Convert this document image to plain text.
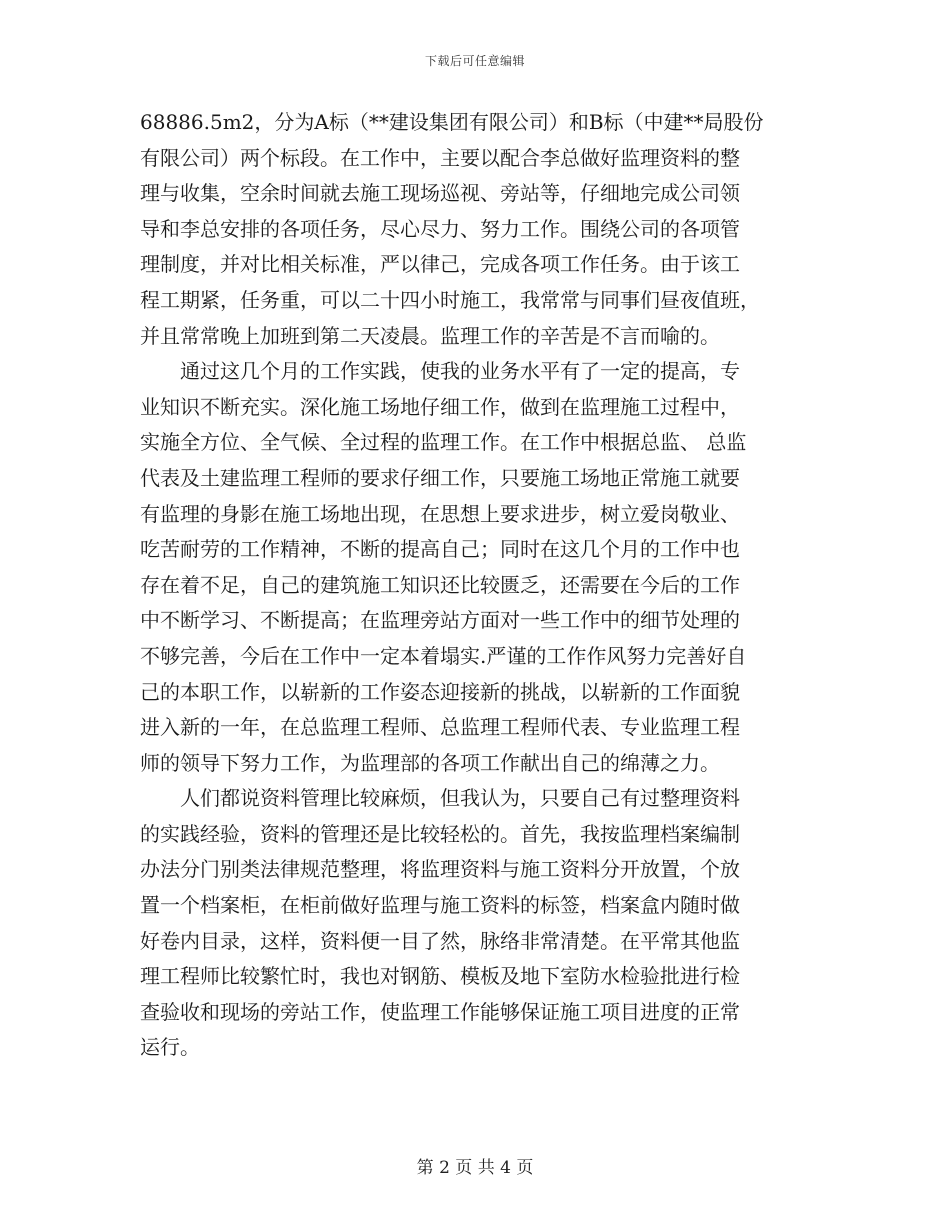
下载后可任意编辑
68886.5m2，分为A标（**建设集团有限公司）和B标（中建**局股份
有限公司）两个标段。在工作中，主要以配合李总做好监理资料的整
理与收集，空余时间就去施工现场巡视、旁站等，仔细地完成公司领
导和李总安排的各项任务，尽心尽力、努力工作。围绕公司的各项管
理制度，并对比相关标准，严以律己，完成各项工作任务。由于该工
程工期紧，任务重，可以二十四小时施工，我常常与同事们昼夜值班，
并且常常晚上加班到第二天凌晨。监理工作的辛苦是不言而喻的。
　　通过这几个月的工作实践，使我的业务水平有了一定的提高，专
业知识不断充实。深化施工场地仔细工作，做到在监理施工过程中，
实施全方位、全气候、全过程的监理工作。在工作中根据总监、 总监
代表及土建监理工程师的要求仔细工作，只要施工场地正常施工就要
有监理的身影在施工场地出现，在思想上要求进步，树立爱岗敬业、
吃苦耐劳的工作精神，不断的提高自己；同时在这几个月的工作中也
存在着不足，自己的建筑施工知识还比较匮乏，还需要在今后的工作
中不断学习、不断提高；在监理旁站方面对一些工作中的细节处理的
不够完善，今后在工作中一定本着塌实.严谨的工作作风努力完善好自
己的本职工作，以崭新的工作姿态迎接新的挑战，以崭新的工作面貌
进入新的一年，在总监理工程师、总监理工程师代表、专业监理工程
师的领导下努力工作，为监理部的各项工作献出自己的绵薄之力。
　　人们都说资料管理比较麻烦，但我认为，只要自己有过整理资料
的实践经验，资料的管理还是比较轻松的。首先，我按监理档案编制
办法分门别类法律规范整理，将监理资料与施工资料分开放置，个放
置一个档案柜，在柜前做好监理与施工资料的标签，档案盒内随时做
好卷内目录，这样，资料便一目了然，脉络非常清楚。在平常其他监
理工程师比较繁忙时，我也对钢筋、模板及地下室防水检验批进行检
查验收和现场的旁站工作，使监理工作能够保证施工项目进度的正常
运行。
第 2 页 共 4 页
